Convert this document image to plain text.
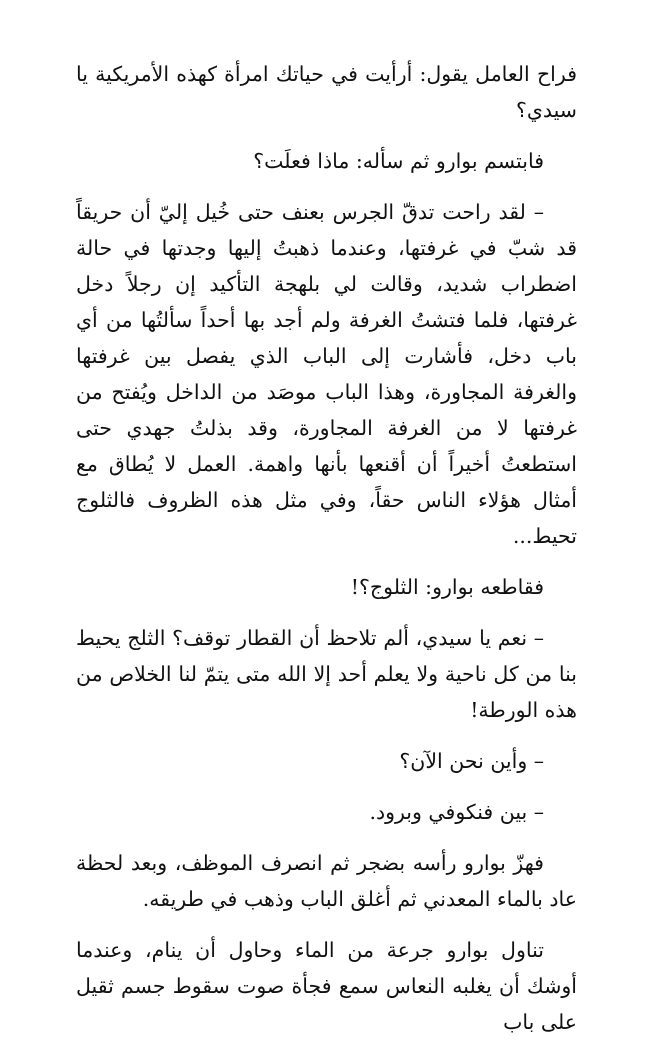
فراح العامل يقول: أرأيت في حياتك امرأة كهذه الأمريكية يا سيدي؟

فابتسم بوارو ثم سأله: ماذا فعلَت؟

– لقد راحت تدقّ الجرس بعنف حتى خُيل إليّ أن حريقاً قد شبّ في غرفتها، وعندما ذهبتُ إليها وجدتها في حالة اضطراب شديد، وقالت لي بلهجة التأكيد إن رجلاً دخل غرفتها، فلما فتشتُ الغرفة ولم أجد بها أحداً سألتُها من أي باب دخل، فأشارت إلى الباب الذي يفصل بين غرفتها والغرفة المجاورة، وهذا الباب موصَد من الداخل ويُفتح من غرفتها لا من الغرفة المجاورة، وقد بذلتُ جهدي حتى استطعتُ أخيراً أن أقنعها بأنها واهمة. العمل لا يُطاق مع أمثال هؤلاء الناس حقاً، وفي مثل هذه الظروف فالثلوج تحيط...

فقاطعه بوارو: الثلوج؟!

– نعم يا سيدي، ألم تلاحظ أن القطار توقف؟ الثلج يحيط بنا من كل ناحية ولا يعلم أحد إلا الله متى يتمّ لنا الخلاص من هذه الورطة!

– وأين نحن الآن؟

– بين فنكوفي وبرود.

فهزّ بوارو رأسه بضجر ثم انصرف الموظف، وبعد لحظة عاد بالماء المعدني ثم أغلق الباب وذهب في طريقه.

تناول بوارو جرعة من الماء وحاول أن ينام، وعندما أوشك أن يغلبه النعاس سمع فجأة صوت سقوط جسم ثقيل على باب
